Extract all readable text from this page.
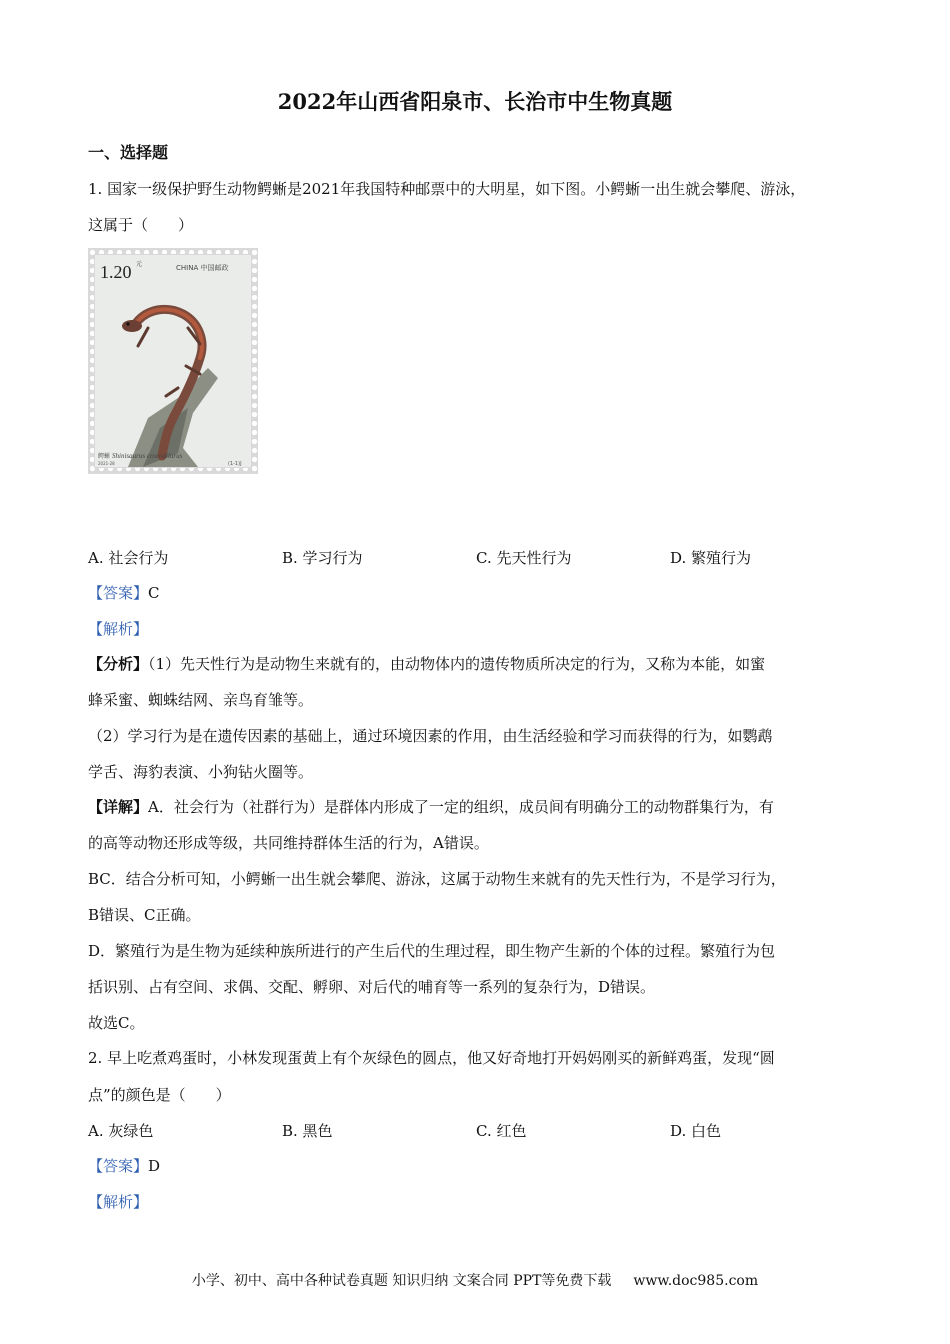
2022年山西省阳泉市、长治市中生物真题
一、选择题
1. 国家一级保护野生动物鳄蜥是2021年我国特种邮票中的大明星，如下图。小鳄蜥一出生就会攀爬、游泳，
这属于（　　）
1.20 元	CHINA 中国邮政
Shinisaurus crocodilurus
鳄蜥
2021-28	(1-1)J
A. 社会行为	B. 学习行为	C. 先天性行为	D. 繁殖行为
【答案】C
【解析】
【分析】（1）先天性行为是动物生来就有的，由动物体内的遗传物质所决定的行为，又称为本能，如蜜
蜂采蜜、蜘蛛结网、亲鸟育雏等。
（2）学习行为是在遗传因素的基础上，通过环境因素的作用，由生活经验和学习而获得的行为，如鹦鹉
学舌、海豹表演、小狗钻火圈等。
【详解】A．社会行为（社群行为）是群体内形成了一定的组织，成员间有明确分工的动物群集行为，有
的高等动物还形成等级，共同维持群体生活的行为，A错误。
BC．结合分析可知，小鳄蜥一出生就会攀爬、游泳，这属于动物生来就有的先天性行为，不是学习行为，
B错误、C正确。
D．繁殖行为是生物为延续种族所进行的产生后代的生理过程，即生物产生新的个体的过程。繁殖行为包
括识别、占有空间、求偶、交配、孵卵、对后代的哺育等一系列的复杂行为，D错误。
故选C。
2. 早上吃煮鸡蛋时，小林发现蛋黄上有个灰绿色的圆点，他又好奇地打开妈妈刚买的新鲜鸡蛋，发现“圆
点”的颜色是（　　）
A. 灰绿色	B. 黑色	C. 红色	D. 白色
【答案】D
【解析】
小学、初中、高中各种试卷真题 知识归纳 文案合同 PPT等免费下载 www.doc985.com
